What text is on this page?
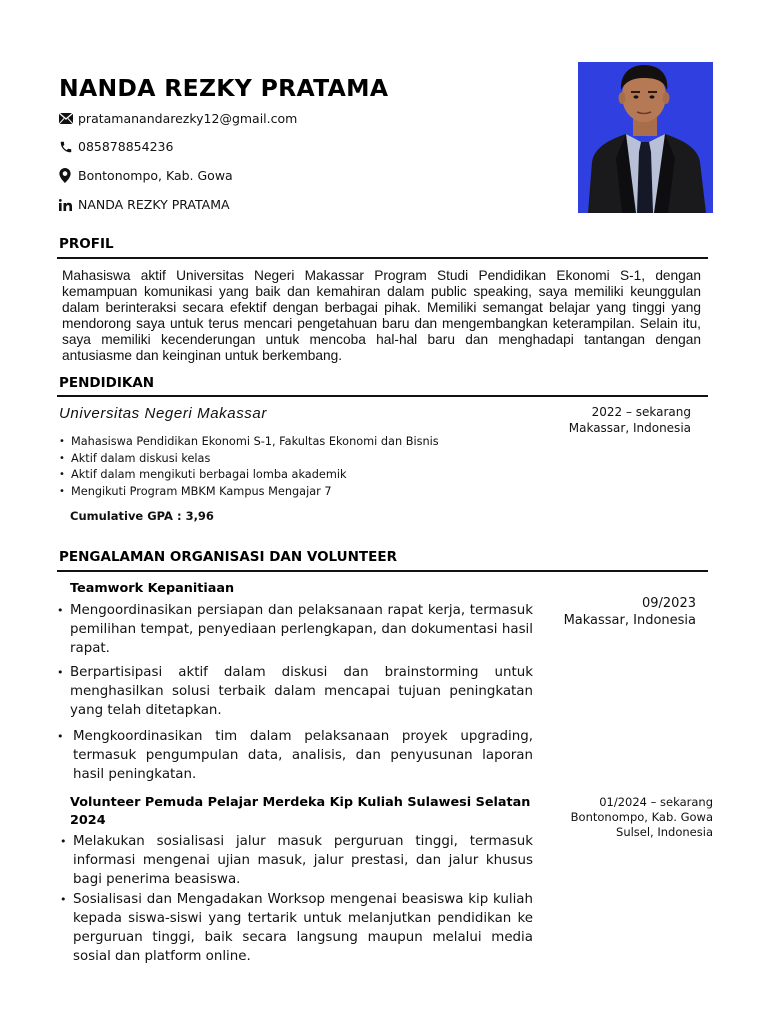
NANDA REZKY PRATAMA
pratamanandarezky12@gmail.com
085878854236
Bontonompo, Kab. Gowa
NANDA REZKY PRATAMA
PROFIL

Mahasiswa aktif Universitas Negeri Makassar Program Studi Pendidikan Ekonomi S-1, dengan kemampuan komunikasi yang baik dan kemahiran dalam public speaking, saya memiliki keunggulan dalam berinteraksi secara efektif dengan berbagai pihak. Memiliki semangat belajar yang tinggi yang mendorong saya untuk terus mencari pengetahuan baru dan mengembangkan keterampilan. Selain itu, saya memiliki kecenderungan untuk mencoba hal-hal baru dan menghadapi tantangan dengan antusiasme dan keinginan untuk berkembang.

PENDIDIKAN
Universitas Negeri Makassar	2022 – sekarang
Makassar, Indonesia
• Mahasiswa Pendidikan Ekonomi S-1, Fakultas Ekonomi dan Bisnis
• Aktif dalam diskusi kelas
• Aktif dalam mengikuti berbagai lomba akademik
• Mengikuti Program MBKM Kampus Mengajar 7
Cumulative GPA : 3,96
PENGALAMAN ORGANISASI DAN VOLUNTEER
Teamwork Kepanitiaan
09/2023
Makassar, Indonesia
• Mengoordinasikan persiapan dan pelaksanaan rapat kerja, termasuk pemilihan tempat, penyediaan perlengkapan, dan dokumentasi hasil rapat.
• Berpartisipasi aktif dalam diskusi dan brainstorming untuk menghasilkan solusi terbaik dalam mencapai tujuan peningkatan yang telah ditetapkan.
• Mengkoordinasikan tim dalam pelaksanaan proyek upgrading, termasuk pengumpulan data, analisis, dan penyusunan laporan hasil peningkatan.
Volunteer Pemuda Pelajar Merdeka Kip Kuliah Sulawesi Selatan 2024
01/2024 – sekarang
Bontonompo, Kab. Gowa
Sulsel, Indonesia
• Melakukan sosialisasi jalur masuk perguruan tinggi, termasuk informasi mengenai ujian masuk, jalur prestasi, dan jalur khusus bagi penerima beasiswa.
• Sosialisasi dan Mengadakan Worksop mengenai beasiswa kip kuliah kepada siswa-siswi yang tertarik untuk melanjutkan pendidikan ke perguruan tinggi, baik secara langsung maupun melalui media sosial dan platform online.
